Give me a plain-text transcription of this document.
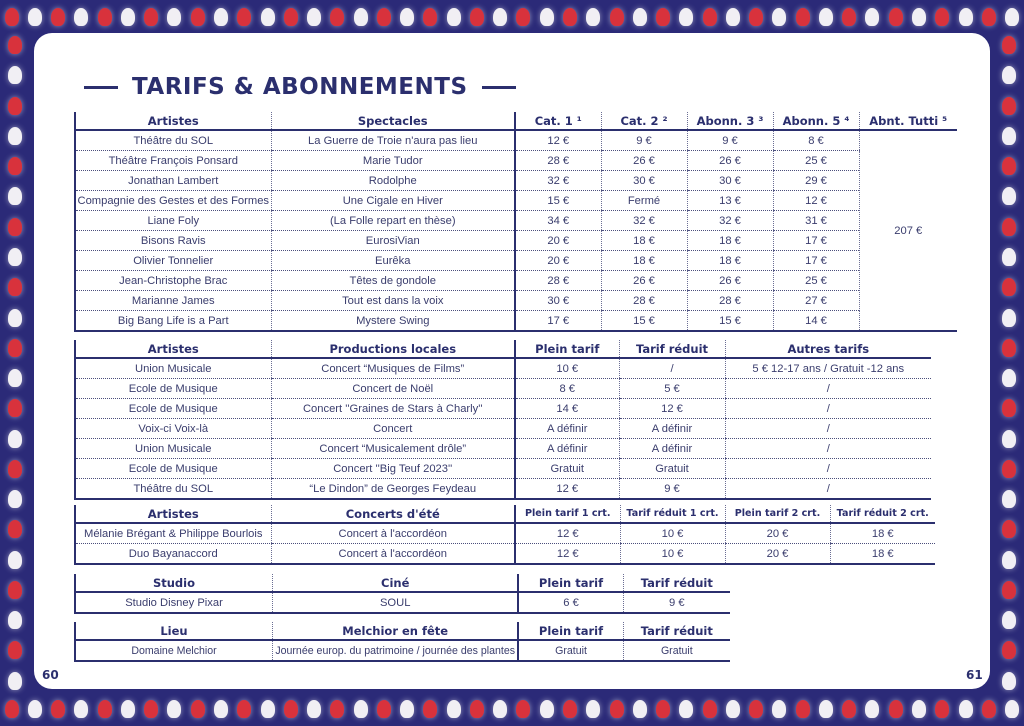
TARIFS & ABONNEMENTS
Artistes	Spectacles	Cat. 1 ¹	Cat. 2 ²	Abonn. 3 ³	Abonn. 5 ⁴	Abnt. Tutti ⁵
Théâtre du SOL	La Guerre de Troie n'aura pas lieu	12 €	9 €	9 €	8 €	207 €
Théâtre François Ponsard	Marie Tudor	28 €	26 €	26 €	25 €	
Jonathan Lambert	Rodolphe	32 €	30 €	30 €	29 €	
Compagnie des Gestes et des Formes	Une Cigale en Hiver	15 €	Fermé	13 €	12 €	
Liane Foly	(La Folle repart en thèse)	34 €	32 €	32 €	31 €	
Bisons Ravis	EurosiVian	20 €	18 €	18 €	17 €	
Olivier Tonnelier	Eurêka	20 €	18 €	18 €	17 €	
Jean-Christophe Brac	Têtes de gondole	28 €	26 €	26 €	25 €	
Marianne James	Tout est dans la voix	30 €	28 €	28 €	27 €	
Big Bang Life is a Part	Mystere Swing	17 €	15 €	15 €	14 €	
Artistes	Productions locales	Plein tarif	Tarif réduit	Autres tarifs
Union Musicale	Concert “Musiques de Films”	10 €	/	5 € 12-17 ans / Gratuit -12 ans
Ecole de Musique	Concert de Noël	8 €	5 €	/
Ecole de Musique	Concert ''Graines de Stars à Charly''	14 €	12 €	/
Voix-ci Voix-là	Concert	A définir	A définir	/
Union Musicale	Concert “Musicalement drôle”	A définir	A définir	/
Ecole de Musique	Concert ''Big Teuf 2023''	Gratuit	Gratuit	/
Théâtre du SOL	“Le Dindon” de Georges Feydeau	12 €	9 €	/
Artistes	Concerts d'été	Plein tarif 1 crt.	Tarif réduit 1 crt.	Plein tarif 2 crt.	Tarif réduit 2 crt.
Mélanie Brégant & Philippe Bourlois	Concert à l'accordéon	12 €	10 €	20 €	18 €
Duo Bayanaccord	Concert à l'accordéon	12 €	10 €	20 €	18 €
Studio	Ciné	Plein tarif	Tarif réduit
Studio Disney Pixar	SOUL	6 €	9 €
Lieu	Melchior en fête	Plein tarif	Tarif réduit
Domaine Melchior	Journée europ. du patrimoine / journée des plantes	Gratuit	Gratuit
60	61
